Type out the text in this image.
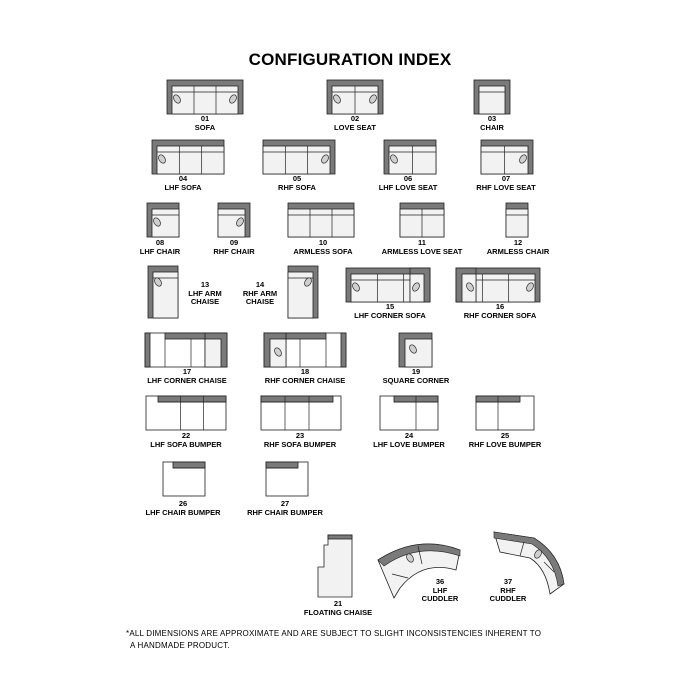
CONFIGURATION INDEX
01
SOFA
02
LOVE SEAT
03
CHAIR
04
LHF SOFA
05
RHF SOFA
06
LHF LOVE SEAT
07
RHF LOVE SEAT
08
LHF CHAIR
09
RHF CHAIR
10
ARMLESS SOFA
11
ARMLESS LOVE SEAT
12
ARMLESS CHAIR
13
LHF ARM
CHAISE
14
RHF ARM
CHAISE
15
LHF CORNER SOFA
16
RHF CORNER SOFA
17
LHF CORNER CHAISE
18
RHF CORNER CHAISE
19
SQUARE CORNER
22
LHF SOFA BUMPER
23
RHF SOFA BUMPER
24
LHF LOVE BUMPER
25
RHF LOVE BUMPER
26
LHF CHAIR BUMPER
27
RHF CHAIR BUMPER
21
FLOATING CHAISE
36
LHF
CUDDLER
37
RHF
CUDDLER
*ALL DIMENSIONS ARE APPROXIMATE AND ARE SUBJECT TO SLIGHT INCONSISTENCIES INHERENT TO
A HANDMADE PRODUCT.
